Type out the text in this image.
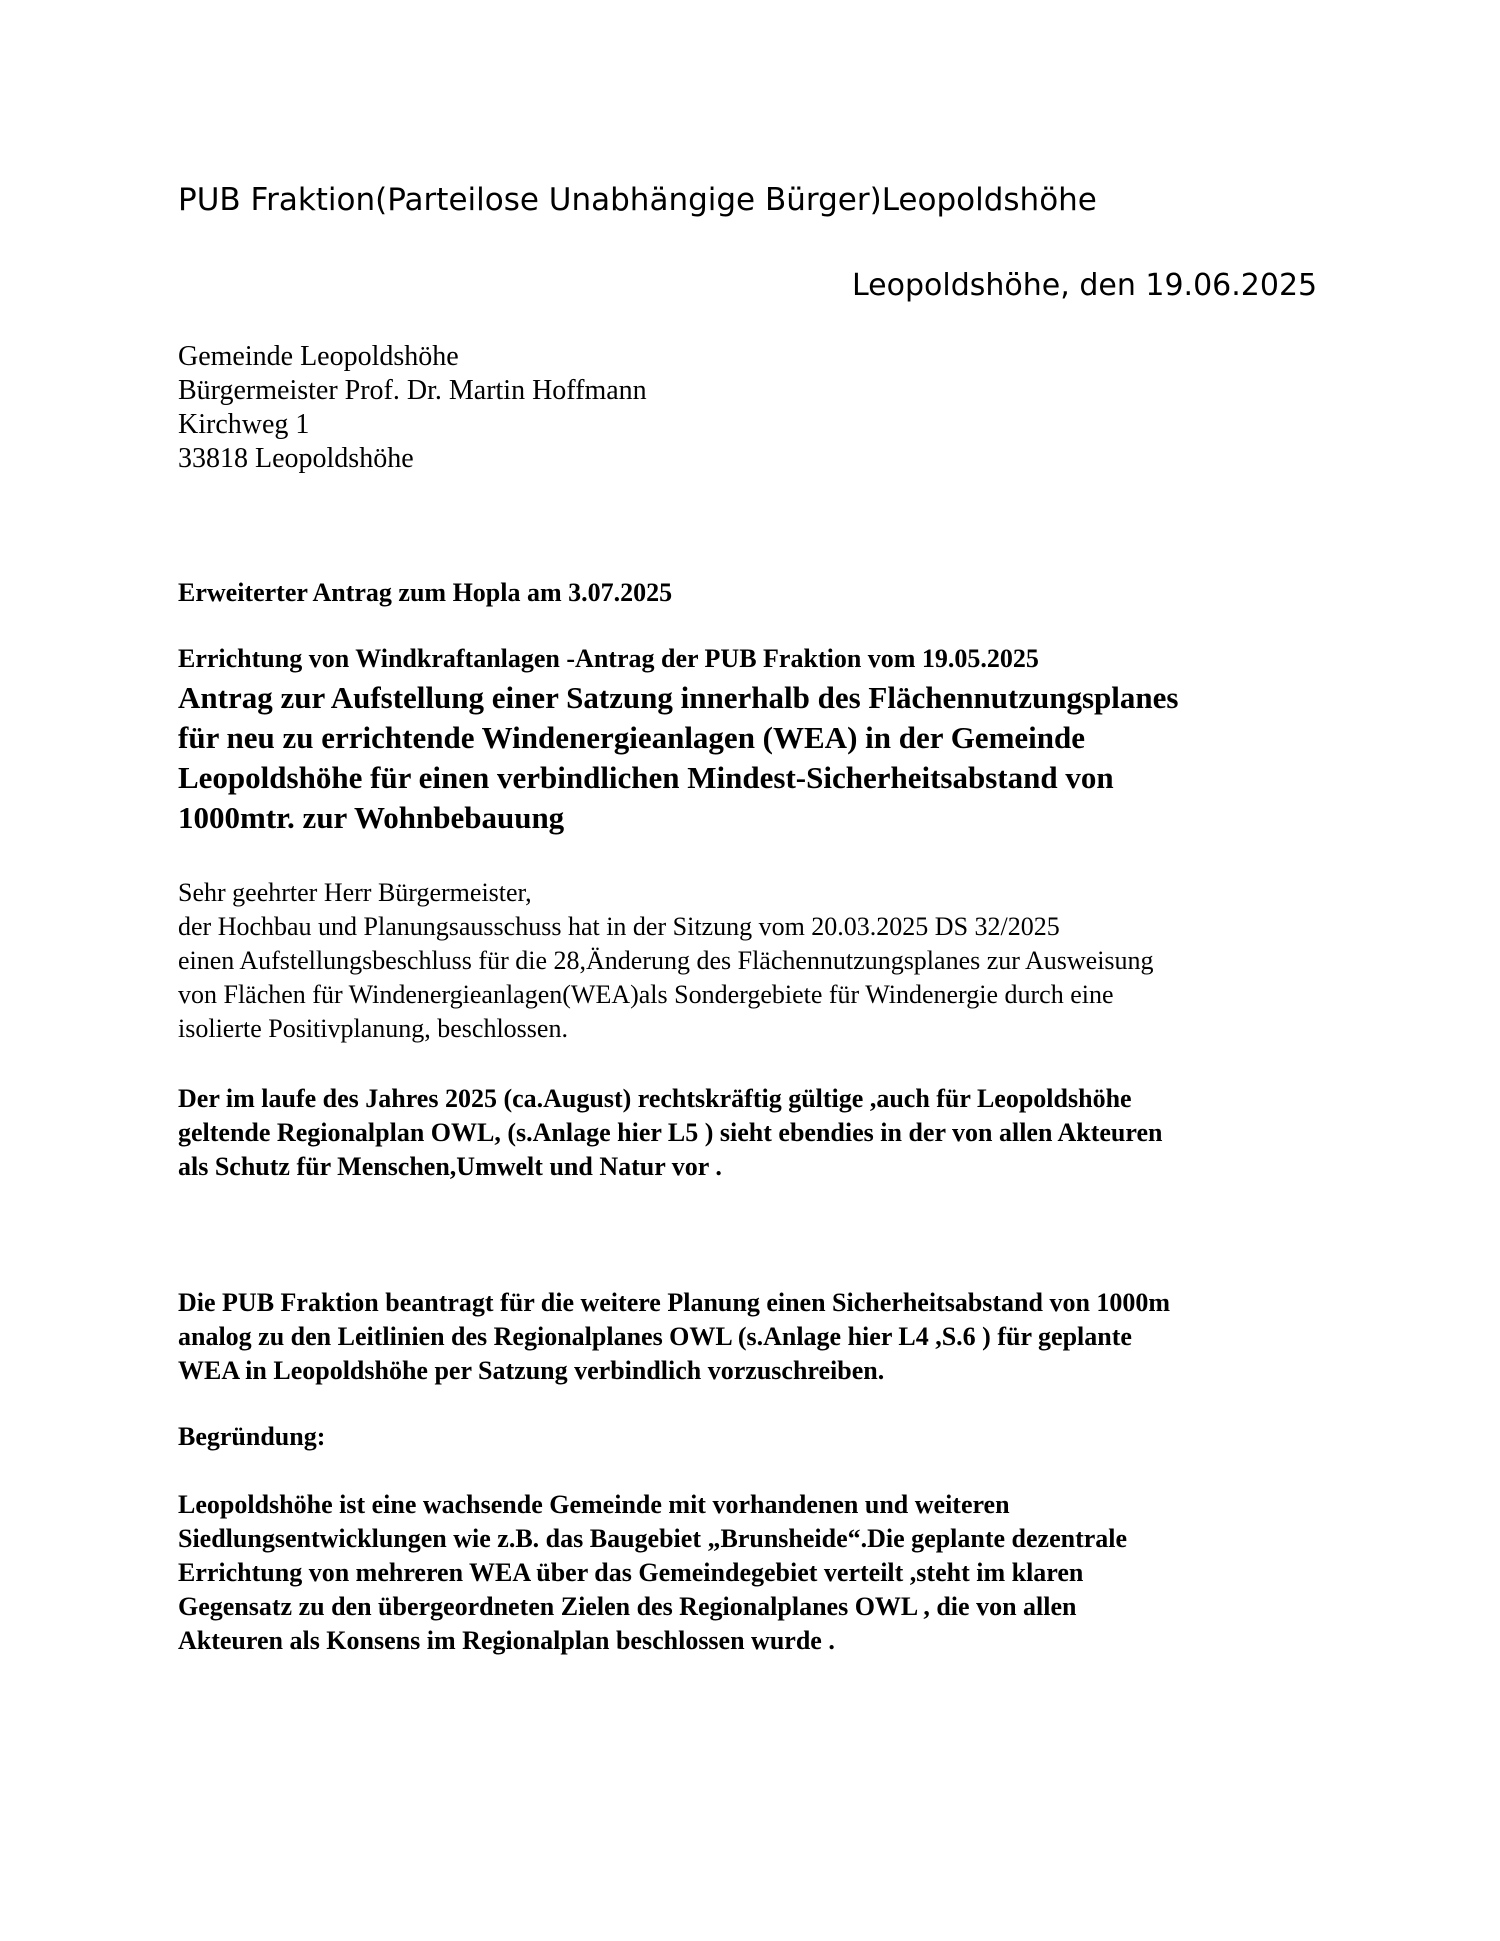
PUB Fraktion(Parteilose Unabhängige Bürger)Leopoldshöhe
Leopoldshöhe, den 19.06.2025
Gemeinde Leopoldshöhe
Bürgermeister Prof. Dr. Martin Hoffmann
Kirchweg 1
33818 Leopoldshöhe
Erweiterter Antrag zum Hopla am 3.07.2025
Errichtung von Windkraftanlagen -Antrag der PUB Fraktion vom 19.05.2025
Antrag zur Aufstellung einer Satzung innerhalb des Flächennutzungsplanes
für neu zu errichtende Windenergieanlagen (WEA) in der Gemeinde
Leopoldshöhe für einen verbindlichen Mindest-Sicherheitsabstand von
1000mtr. zur Wohnbebauung
Sehr geehrter Herr Bürgermeister,
der Hochbau und Planungsausschuss hat in der Sitzung vom 20.03.2025 DS 32/2025
einen Aufstellungsbeschluss für die 28,Änderung des Flächennutzungsplanes zur Ausweisung
von Flächen für Windenergieanlagen(WEA)als Sondergebiete für Windenergie durch eine
isolierte Positivplanung, beschlossen.
Der im laufe des Jahres 2025 (ca.August) rechtskräftig gültige ,auch für Leopoldshöhe
geltende Regionalplan OWL, (s.Anlage hier L5 ) sieht ebendies in der von allen Akteuren
als Schutz für Menschen,Umwelt und Natur vor .
Die PUB Fraktion beantragt für die weitere Planung einen Sicherheitsabstand von 1000m
analog zu den Leitlinien des Regionalplanes OWL (s.Anlage hier L4 ,S.6 ) für geplante
WEA in Leopoldshöhe per Satzung verbindlich vorzuschreiben.
Begründung:
Leopoldshöhe ist eine wachsende Gemeinde mit vorhandenen und weiteren
Siedlungsentwicklungen wie z.B. das Baugebiet „Brunsheide“.Die geplante dezentrale
Errichtung von mehreren WEA über das Gemeindegebiet verteilt ,steht im klaren
Gegensatz zu den übergeordneten Zielen des Regionalplanes OWL , die von allen
Akteuren als Konsens im Regionalplan beschlossen wurde .
